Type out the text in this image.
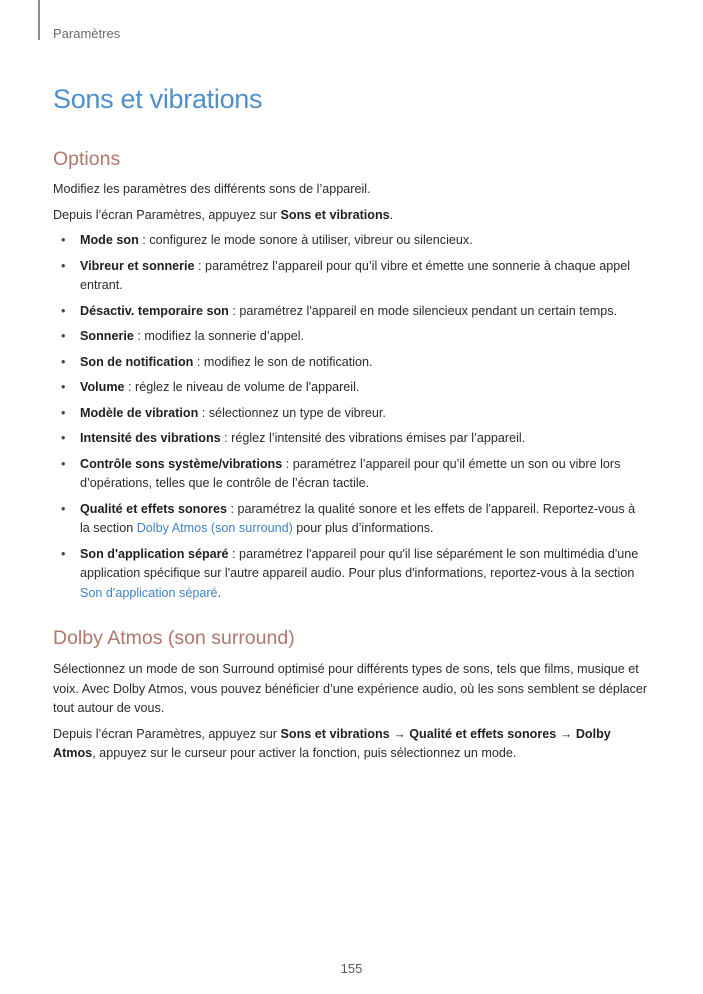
Paramètres
Sons et vibrations
Options

Modifiez les paramètres des différents sons de l’appareil.

Depuis l’écran Paramètres, appuyez sur Sons et vibrations.

• Mode son : configurez le mode sonore à utiliser, vibreur ou silencieux.
• Vibreur et sonnerie : paramétrez l’appareil pour qu’il vibre et émette une sonnerie à chaque appel entrant.
• Désactiv. temporaire son : paramétrez l'appareil en mode silencieux pendant un certain temps.
• Sonnerie : modifiez la sonnerie d’appel.
• Son de notification : modifiez le son de notification.
• Volume : réglez le niveau de volume de l'appareil.
• Modèle de vibration : sélectionnez un type de vibreur.
• Intensité des vibrations : réglez l’intensité des vibrations émises par l’appareil.
• Contrôle sons système/vibrations : paramétrez l’appareil pour qu’il émette un son ou vibre lors d’opérations, telles que le contrôle de l’écran tactile.
• Qualité et effets sonores : paramétrez la qualité sonore et les effets de l'appareil. Reportez-vous à la section Dolby Atmos (son surround) pour plus d’informations.
• Son d'application séparé : paramétrez l'appareil pour qu'il lise séparément le son multimédia d'une application spécifique sur l'autre appareil audio. Pour plus d'informations, reportez-vous à la section Son d'application séparé.
Dolby Atmos (son surround)

Sélectionnez un mode de son Surround optimisé pour différents types de sons, tels que films, musique et voix. Avec Dolby Atmos, vous pouvez bénéficier d’une expérience audio, où les sons semblent se déplacer tout autour de vous.

Depuis l’écran Paramètres, appuyez sur Sons et vibrations → Qualité et effets sonores → Dolby Atmos, appuyez sur le curseur pour activer la fonction, puis sélectionnez un mode.

155
